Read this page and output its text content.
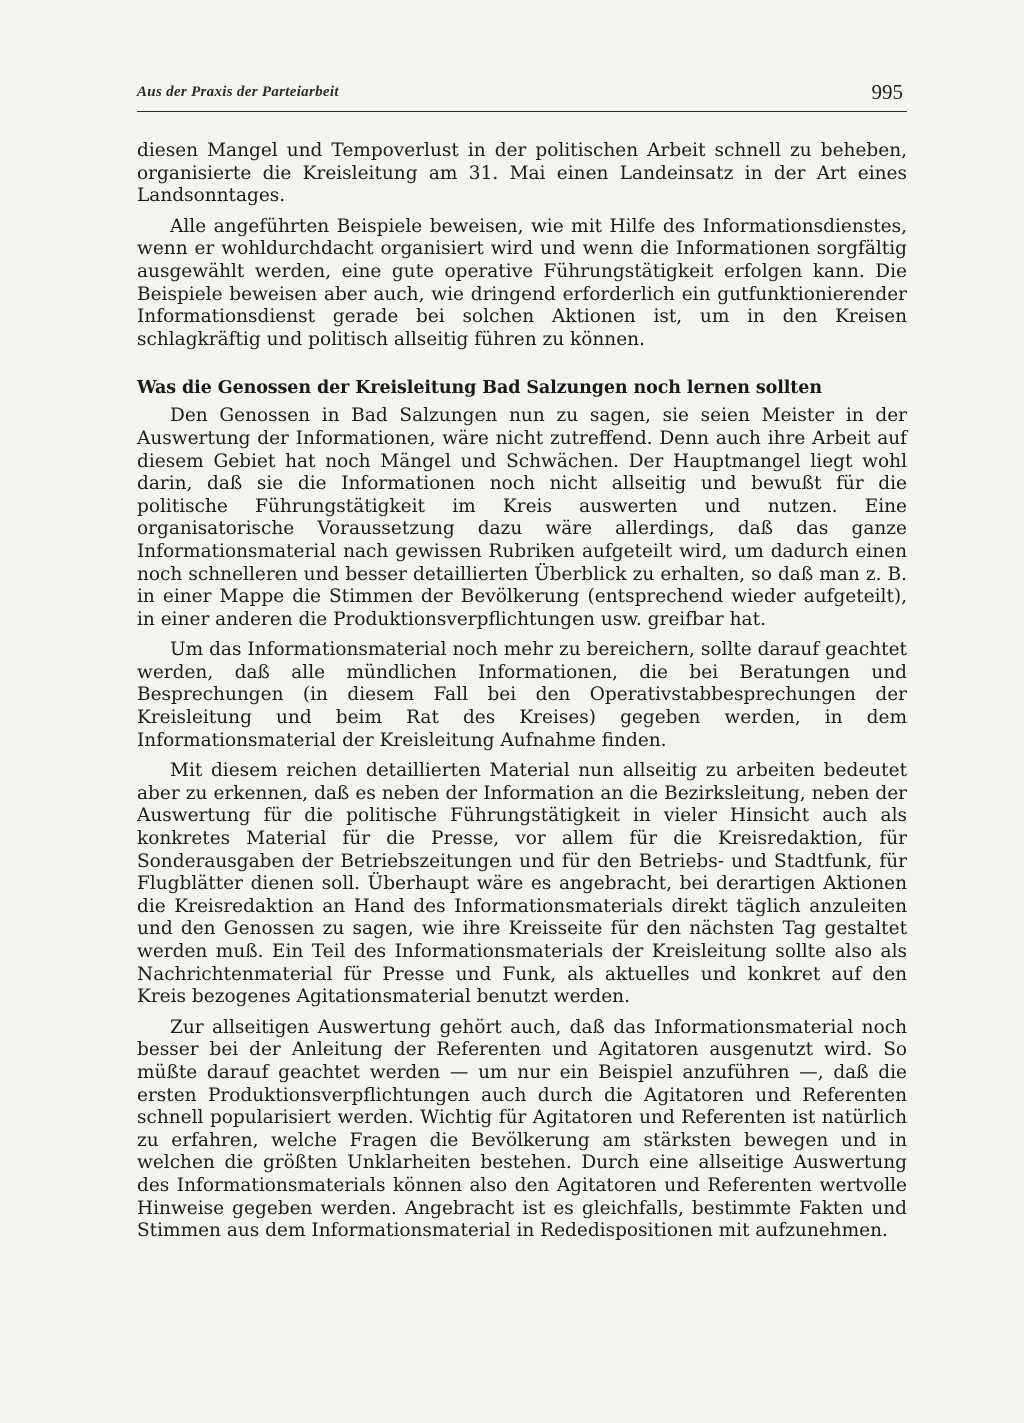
Aus der Praxis der Parteiarbeit	995

diesen Mangel und Tempoverlust in der politischen Arbeit schnell zu beheben, organisierte die Kreisleitung am 31. Mai einen Landeinsatz in der Art eines Landsonntages.

Alle angeführten Beispiele beweisen, wie mit Hilfe des Informationsdienstes, wenn er wohldurchdacht organisiert wird und wenn die Informationen sorgfältig ausgewählt werden, eine gute operative Führungstätigkeit erfolgen kann. Die Beispiele beweisen aber auch, wie dringend erforderlich ein gutfunktionierender Informationsdienst gerade bei solchen Aktionen ist, um in den Kreisen schlagkräftig und politisch allseitig führen zu können.

Was die Genossen der Kreisleitung Bad Salzungen noch lernen sollten

Den Genossen in Bad Salzungen nun zu sagen, sie seien Meister in der Auswertung der Informationen, wäre nicht zutreffend. Denn auch ihre Arbeit auf diesem Gebiet hat noch Mängel und Schwächen. Der Hauptmangel liegt wohl darin, daß sie die Informationen noch nicht allseitig und bewußt für die politische Führungstätigkeit im Kreis auswerten und nutzen. Eine organisatorische Voraussetzung dazu wäre allerdings, daß das ganze Informationsmaterial nach gewissen Rubriken aufgeteilt wird, um dadurch einen noch schnelleren und besser detaillierten Überblick zu erhalten, so daß man z. B. in einer Mappe die Stimmen der Bevölkerung (entsprechend wieder aufgeteilt), in einer anderen die Produktionsverpflichtungen usw. greifbar hat.

Um das Informationsmaterial noch mehr zu bereichern, sollte darauf geachtet werden, daß alle mündlichen Informationen, die bei Beratungen und Besprechungen (in diesem Fall bei den Operativstabbesprechungen der Kreisleitung und beim Rat des Kreises) gegeben werden, in dem Informationsmaterial der Kreisleitung Aufnahme finden.

Mit diesem reichen detaillierten Material nun allseitig zu arbeiten bedeutet aber zu erkennen, daß es neben der Information an die Bezirksleitung, neben der Auswertung für die politische Führungstätigkeit in vieler Hinsicht auch als konkretes Material für die Presse, vor allem für die Kreisredaktion, für Sonderausgaben der Betriebszeitungen und für den Betriebs- und Stadtfunk, für Flugblätter dienen soll. Überhaupt wäre es angebracht, bei derartigen Aktionen die Kreisredaktion an Hand des Informationsmaterials direkt täglich anzuleiten und den Genossen zu sagen, wie ihre Kreisseite für den nächsten Tag gestaltet werden muß. Ein Teil des Informationsmaterials der Kreisleitung sollte also als Nachrichtenmaterial für Presse und Funk, als aktuelles und konkret auf den Kreis bezogenes Agitationsmaterial benutzt werden.

Zur allseitigen Auswertung gehört auch, daß das Informationsmaterial noch besser bei der Anleitung der Referenten und Agitatoren ausgenutzt wird. So müßte darauf geachtet werden — um nur ein Beispiel anzuführen —, daß die ersten Produktionsverpflichtungen auch durch die Agitatoren und Referenten schnell popularisiert werden. Wichtig für Agitatoren und Referenten ist natürlich zu erfahren, welche Fragen die Bevölkerung am stärksten bewegen und in welchen die größten Unklarheiten bestehen. Durch eine allseitige Auswertung des Informationsmaterials können also den Agitatoren und Referenten wertvolle Hinweise gegeben werden. Angebracht ist es gleichfalls, bestimmte Fakten und Stimmen aus dem Informationsmaterial in Rededispositionen mit aufzunehmen.
